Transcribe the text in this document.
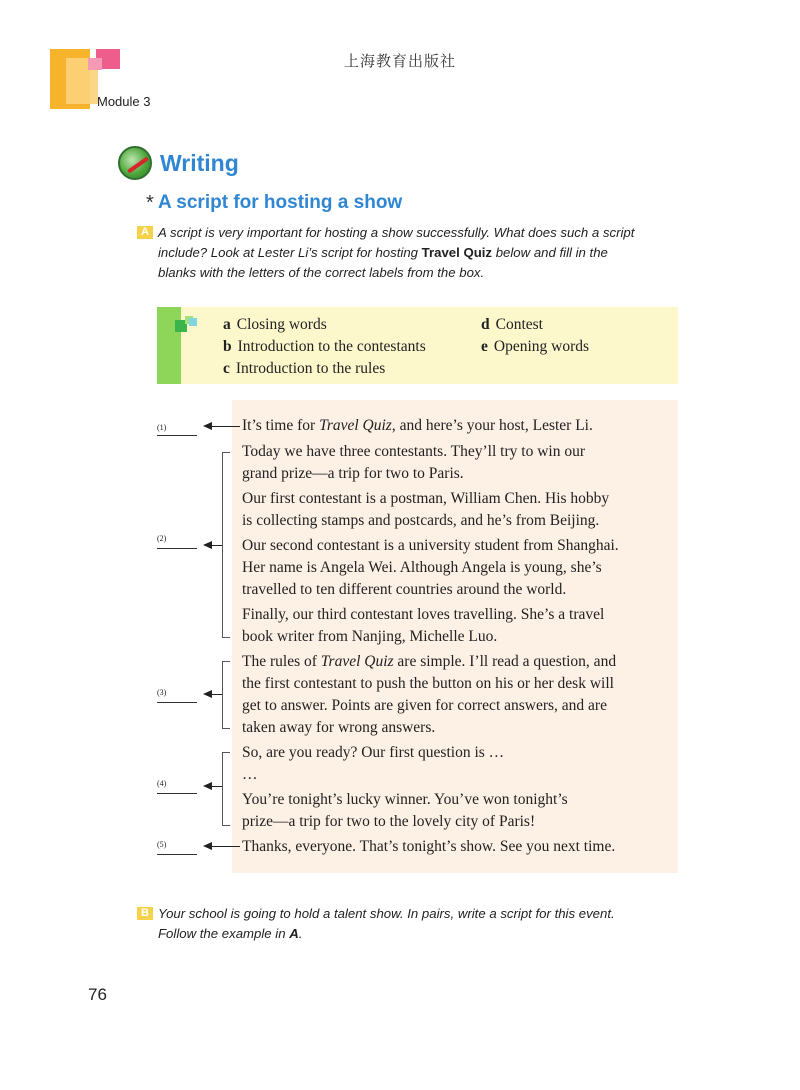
上海教育出版社
Module 3
Writing
* A script for hosting a show
A A script is very important for hosting a show successfully. What does such a script
include? Look at Lester Li’s script for hosting Travel Quiz below and fill in the
blanks with the letters of the correct labels from the box.
a Closing words
b Introduction to the contestants
c Introduction to the rules
d Contest
e Opening words
It’s time for Travel Quiz, and here’s your host, Lester Li.
Today we have three contestants. They’ll try to win our
grand prize—a trip for two to Paris.
Our first contestant is a postman, William Chen. His hobby
is collecting stamps and postcards, and he’s from Beijing.
Our second contestant is a university student from Shanghai.
Her name is Angela Wei. Although Angela is young, she’s
travelled to ten different countries around the world.
Finally, our third contestant loves travelling. She’s a travel
book writer from Nanjing, Michelle Luo.
The rules of Travel Quiz are simple. I’ll read a question, and
the first contestant to push the button on his or her desk will
get to answer. Points are given for correct answers, and are
taken away for wrong answers.
So, are you ready? Our first question is …
…
You’re tonight’s lucky winner. You’ve won tonight’s
prize—a trip for two to the lovely city of Paris!
Thanks, everyone. That’s tonight’s show. See you next time.
(1)
(2)
(3)
(4)
(5)
B Your school is going to hold a talent show. In pairs, write a script for this event.
Follow the example in A.
76
